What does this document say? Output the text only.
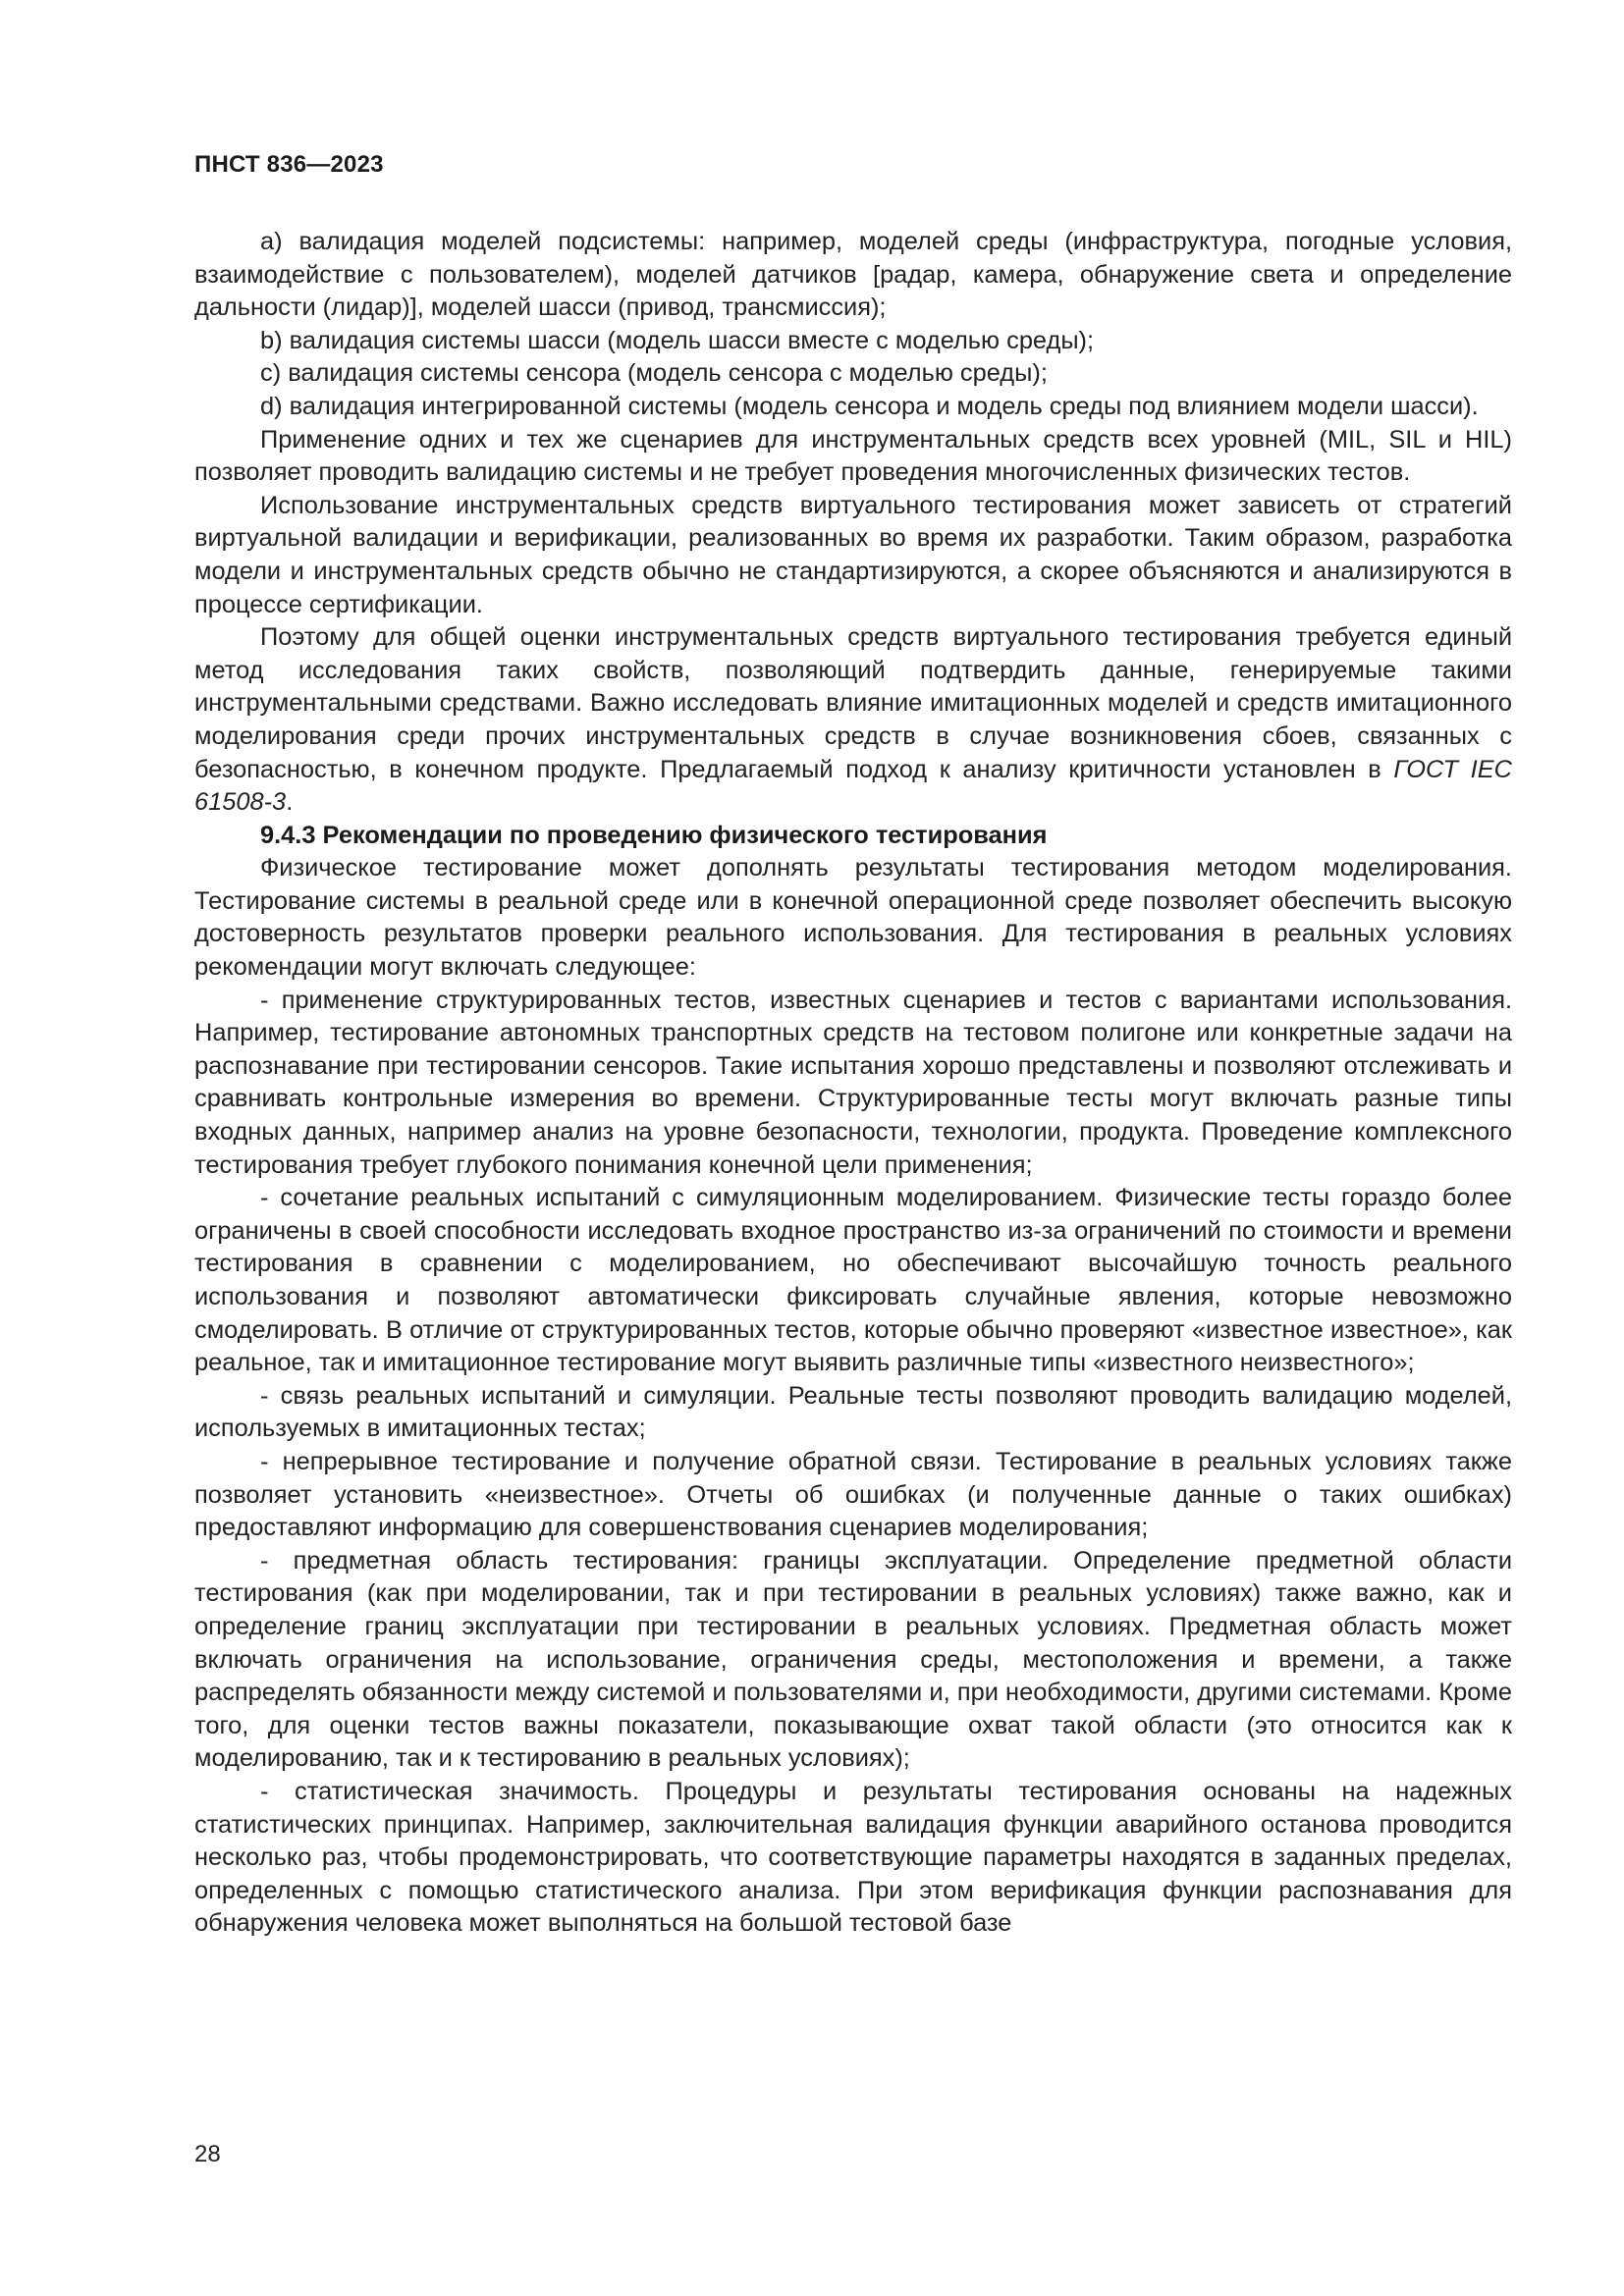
ПНСТ 836—2023

a) валидация моделей подсистемы: например, моделей среды (инфраструктура, погодные условия, взаимодействие с пользователем), моделей датчиков [радар, камера, обнаружение света и определение дальности (лидар)], моделей шасси (привод, трансмиссия);

b) валидация системы шасси (модель шасси вместе с моделью среды);

c) валидация системы сенсора (модель сенсора с моделью среды);

d) валидация интегрированной системы (модель сенсора и модель среды под влиянием модели шасси).

Применение одних и тех же сценариев для инструментальных средств всех уровней (MIL, SIL и HIL) позволяет проводить валидацию системы и не требует проведения многочисленных физических тестов.

Использование инструментальных средств виртуального тестирования может зависеть от стратегий виртуальной валидации и верификации, реализованных во время их разработки. Таким образом, разработка модели и инструментальных средств обычно не стандартизируются, а скорее объясняются и анализируются в процессе сертификации.

Поэтому для общей оценки инструментальных средств виртуального тестирования требуется единый метод исследования таких свойств, позволяющий подтвердить данные, генерируемые такими инструментальными средствами. Важно исследовать влияние имитационных моделей и средств имитационного моделирования среди прочих инструментальных средств в случае возникновения сбоев, связанных с безопасностью, в конечном продукте. Предлагаемый подход к анализу критичности установлен в ГОСТ IEC 61508-3.

9.4.3 Рекомендации по проведению физического тестирования

Физическое тестирование может дополнять результаты тестирования методом моделирования. Тестирование системы в реальной среде или в конечной операционной среде позволяет обеспечить высокую достоверность результатов проверки реального использования. Для тестирования в реальных условиях рекомендации могут включать следующее:

- применение структурированных тестов, известных сценариев и тестов с вариантами использования. Например, тестирование автономных транспортных средств на тестовом полигоне или конкретные задачи на распознавание при тестировании сенсоров. Такие испытания хорошо представлены и позволяют отслеживать и сравнивать контрольные измерения во времени. Структурированные тесты могут включать разные типы входных данных, например анализ на уровне безопасности, технологии, продукта. Проведение комплексного тестирования требует глубокого понимания конечной цели применения;

- сочетание реальных испытаний с симуляционным моделированием. Физические тесты гораздо более ограничены в своей способности исследовать входное пространство из-за ограничений по стоимости и времени тестирования в сравнении с моделированием, но обеспечивают высочайшую точность реального использования и позволяют автоматически фиксировать случайные явления, которые невозможно смоделировать. В отличие от структурированных тестов, которые обычно проверяют «известное известное», как реальное, так и имитационное тестирование могут выявить различные типы «известного неизвестного»;

- связь реальных испытаний и симуляции. Реальные тесты позволяют проводить валидацию моделей, используемых в имитационных тестах;

- непрерывное тестирование и получение обратной связи. Тестирование в реальных условиях также позволяет установить «неизвестное». Отчеты об ошибках (и полученные данные о таких ошибках) предоставляют информацию для совершенствования сценариев моделирования;

- предметная область тестирования: границы эксплуатации. Определение предметной области тестирования (как при моделировании, так и при тестировании в реальных условиях) также важно, как и определение границ эксплуатации при тестировании в реальных условиях. Предметная область может включать ограничения на использование, ограничения среды, местоположения и времени, а также распределять обязанности между системой и пользователями и, при необходимости, другими системами. Кроме того, для оценки тестов важны показатели, показывающие охват такой области (это относится как к моделированию, так и к тестированию в реальных условиях);

- статистическая значимость. Процедуры и результаты тестирования основаны на надежных статистических принципах. Например, заключительная валидация функции аварийного останова проводится несколько раз, чтобы продемонстрировать, что соответствующие параметры находятся в заданных пределах, определенных с помощью статистического анализа. При этом верификация функции распознавания для обнаружения человека может выполняться на большой тестовой базе

28
